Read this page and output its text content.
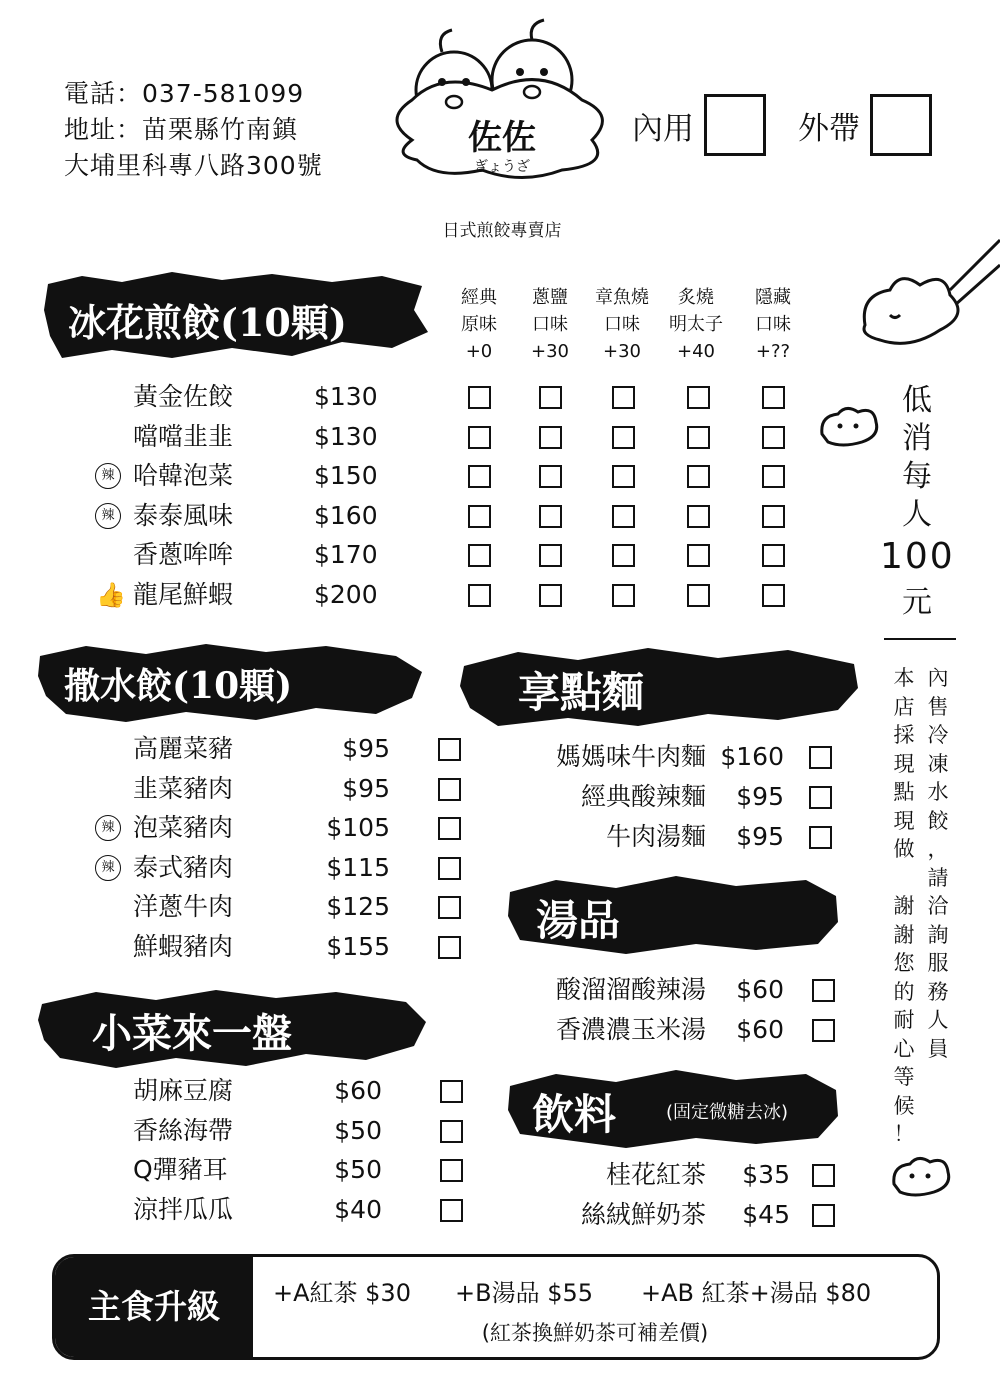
電話：037-581099
地址：苗栗縣竹南鎮
大埔里科專八路300號
佐佐
ぎょうざ
日式煎餃專賣店
內用	外帶
冰花煎餃(10顆)
經典
原味
+0
蔥鹽
口味
+30
章魚燒
口味
+30
炙燒
明太子
+40
隱藏
口味
+??
黃金佐餃	$130
噹噹韭韭	$130
哈韓泡菜	$150
辣
泰泰風味	$160
辣
香蔥哞哞	$170
龍尾鮮蝦	$200
👍
低
消
每
人
100
元
內
售
冷
凍
水
餃
，
請
洽
詢
服
務
人
員
本
店
採
現
點
現
做

謝
謝
您
的
耐
心
等
候
！
撒水餃(10顆)
高麗菜豬	$95
韭菜豬肉	$95
泡菜豬肉	$105
辣
泰式豬肉	$115
辣
洋蔥牛肉	$125
鮮蝦豬肉	$155
小菜來一盤
胡麻豆腐	$60
香絲海帶	$50
Q彈豬耳	$50
涼拌瓜瓜	$40
享點麵
媽媽味牛肉麵 $160
經典酸辣麵	$95
牛肉湯麵	$95
湯品
酸溜溜酸辣湯	$60
香濃濃玉米湯	$60
飲料	(固定微糖去冰)
桂花紅茶	$35
絲絨鮮奶茶	$45
主食升級	+A紅茶 $30 +B湯品 $55 +AB 紅茶+湯品 $80
(紅茶換鮮奶茶可補差價)
